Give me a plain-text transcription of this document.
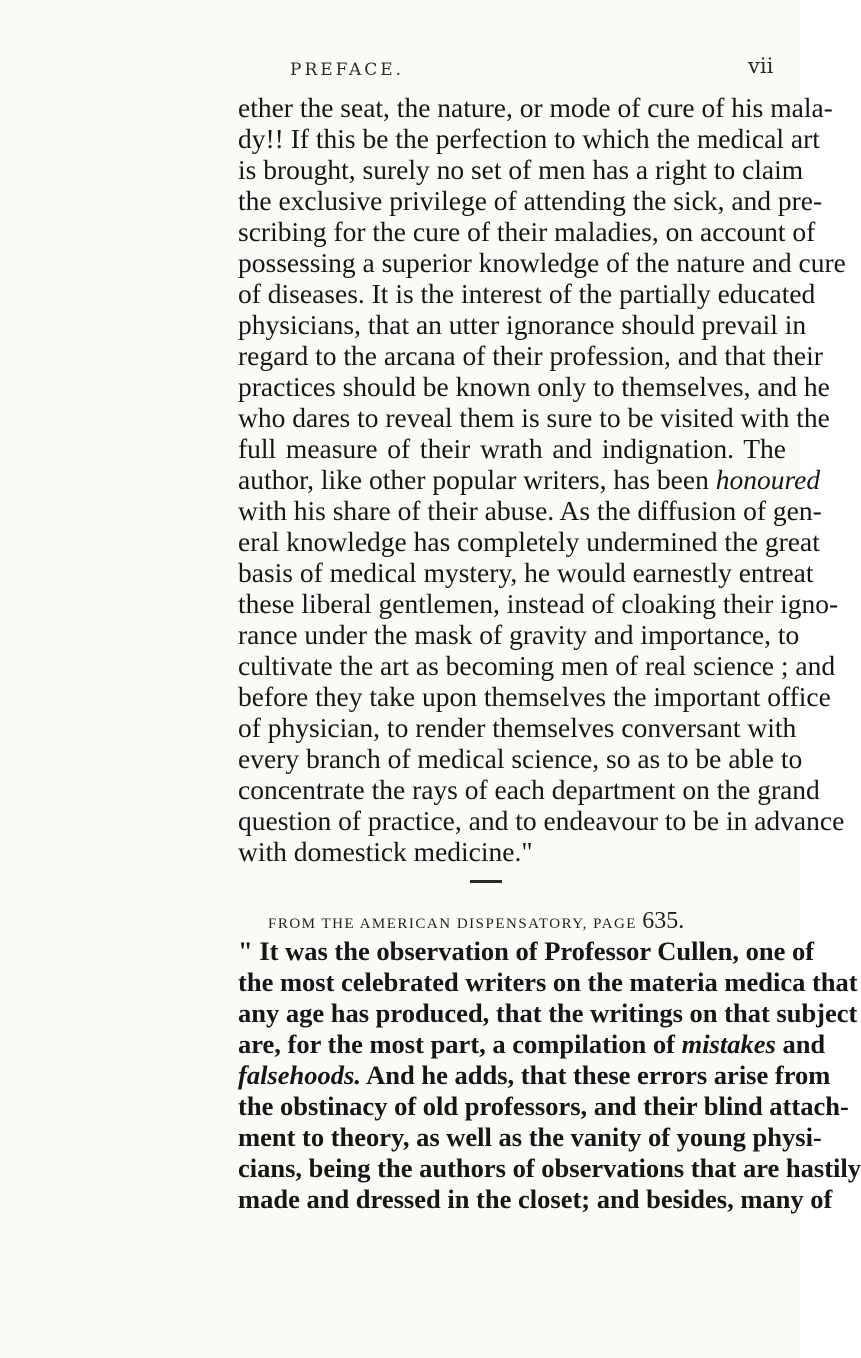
PREFACE.	vii
ether the seat, the nature, or mode of cure of his mala-
dy!! If this be the perfection to which the medical art
is brought, surely no set of men has a right to claim
the exclusive privilege of attending the sick, and pre-
scribing for the cure of their maladies, on account of
possessing a superior knowledge of the nature and cure
of diseases. It is the interest of the partially educated
physicians, that an utter ignorance should prevail in
regard to the arcana of their profession, and that their
practices should be known only to themselves, and he
who dares to reveal them is sure to be visited with the
full measure of their wrath and indignation. The
author, like other popular writers, has been honoured
with his share of their abuse. As the diffusion of gen-
eral knowledge has completely undermined the great
basis of medical mystery, he would earnestly entreat
these liberal gentlemen, instead of cloaking their igno-
rance under the mask of gravity and importance, to
cultivate the art as becoming men of real science ; and
before they take upon themselves the important office
of physician, to render themselves conversant with
every branch of medical science, so as to be able to
concentrate the rays of each department on the grand
question of practice, and to endeavour to be in advance
with domestick medicine."
FROM THE AMERICAN DISPENSATORY, PAGE 635.
" It was the observation of Professor Cullen, one of
the most celebrated writers on the materia medica that
any age has produced, that the writings on that subject
are, for the most part, a compilation of mistakes and
falsehoods. And he adds, that these errors arise from
the obstinacy of old professors, and their blind attach-
ment to theory, as well as the vanity of young physi-
cians, being the authors of observations that are hastily
made and dressed in the closet; and besides, many of
